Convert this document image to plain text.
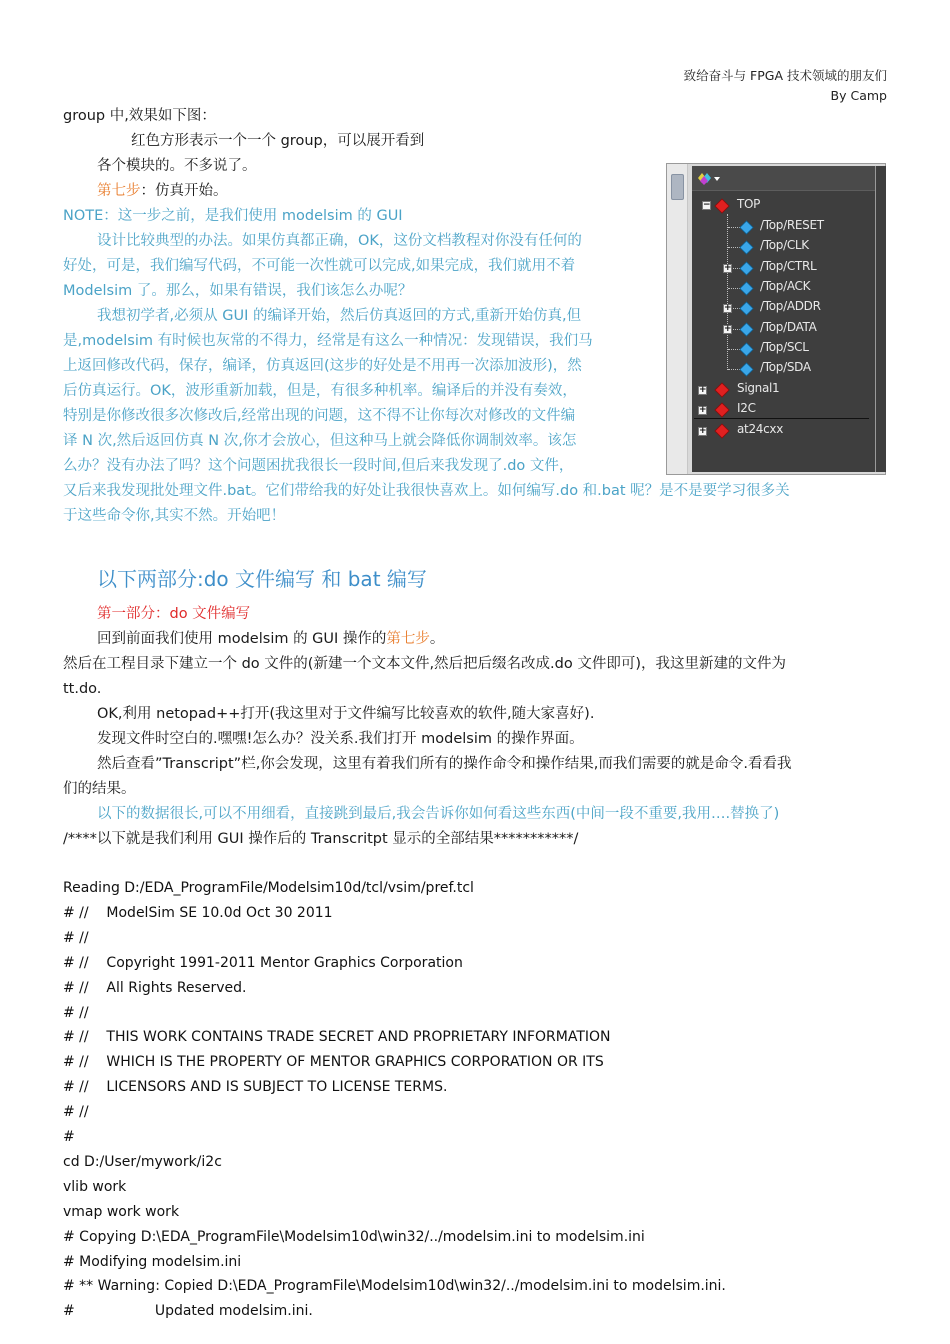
致给奋斗与 FPGA 技术领域的朋友们
By Camp
group 中,效果如下图：
红色方形表示一个一个 group，可以展开看到
各个模块的。不多说了。
第七步：仿真开始。
NOTE：这一步之前，是我们使用 modelsim 的 GUI
设计比较典型的办法。如果仿真都正确，OK，这份文档教程对你没有任何的
好处，可是，我们编写代码，不可能一次性就可以完成,如果完成，我们就用不着
Modelsim 了。那么，如果有错误，我们该怎么办呢？
我想初学者,必须从 GUI 的编译开始，然后仿真返回的方式,重新开始仿真,但
是,modelsim 有时候也灰常的不得力，经常是有这么一种情况：发现错误，我们马
上返回修改代码，保存，编译，仿真返回(这步的好处是不用再一次添加波形)，然
后仿真运行。OK，波形重新加载，但是，有很多种机率。编译后的并没有奏效，
特别是你修改很多次修改后,经常出现的问题，这不得不让你每次对修改的文件编
译 N 次,然后返回仿真 N 次,你才会放心，但这种马上就会降低你调制效率。该怎
么办？没有办法了吗？这个问题困扰我很长一段时间,但后来我发现了.do 文件，
又后来我发现批处理文件.bat。它们带给我的好处让我很快喜欢上。如何编写.do 和.bat 呢？是不是要学习很多关
于这些命令你,其实不然。开始吧！
− TOP
/Top/RESET
/Top/CLK
+ /Top/CTRL
/Top/ACK
+ /Top/ADDR
+ /Top/DATA
/Top/SCL
/Top/SDA
+	Signal1
+	I2C
+	at24cxx
以下两部分:do 文件编写 和 bat 编写
第一部分：do 文件编写
回到前面我们使用 modelsim 的 GUI 操作的第七步。
然后在工程目录下建立一个 do 文件的(新建一个文本文件,然后把后缀名改成.do 文件即可)，我这里新建的文件为
tt.do.
OK,利用 netopad++打开(我这里对于文件编写比较喜欢的软件,随大家喜好).
发现文件时空白的.嘿嘿!怎么办？没关系.我们打开 modelsim 的操作界面。
然后查看”Transcript”栏,你会发现，这里有着我们所有的操作命令和操作结果,而我们需要的就是命令.看看我
们的结果。
以下的数据很长,可以不用细看，直接跳到最后,我会告诉你如何看这些东西(中间一段不重要,我用….替换了)
/****以下就是我们利用 GUI 操作后的 Transcritpt 显示的全部结果***********/
Reading D:/EDA_ProgramFile/Modelsim10d/tcl/vsim/pref.tcl
# //    ModelSim SE 10.0d Oct 30 2011
# //
# //    Copyright 1991-2011 Mentor Graphics Corporation
# //    All Rights Reserved.
# //
# //    THIS WORK CONTAINS TRADE SECRET AND PROPRIETARY INFORMATION
# //    WHICH IS THE PROPERTY OF MENTOR GRAPHICS CORPORATION OR ITS
# //    LICENSORS AND IS SUBJECT TO LICENSE TERMS.
# //
#
cd D:/User/mywork/i2c
vlib work
vmap work work
# Copying D:\EDA_ProgramFile\Modelsim10d\win32/../modelsim.ini to modelsim.ini
# Modifying modelsim.ini
# ** Warning: Copied D:\EDA_ProgramFile\Modelsim10d\win32/../modelsim.ini to modelsim.ini.
#                  Updated modelsim.ini.
